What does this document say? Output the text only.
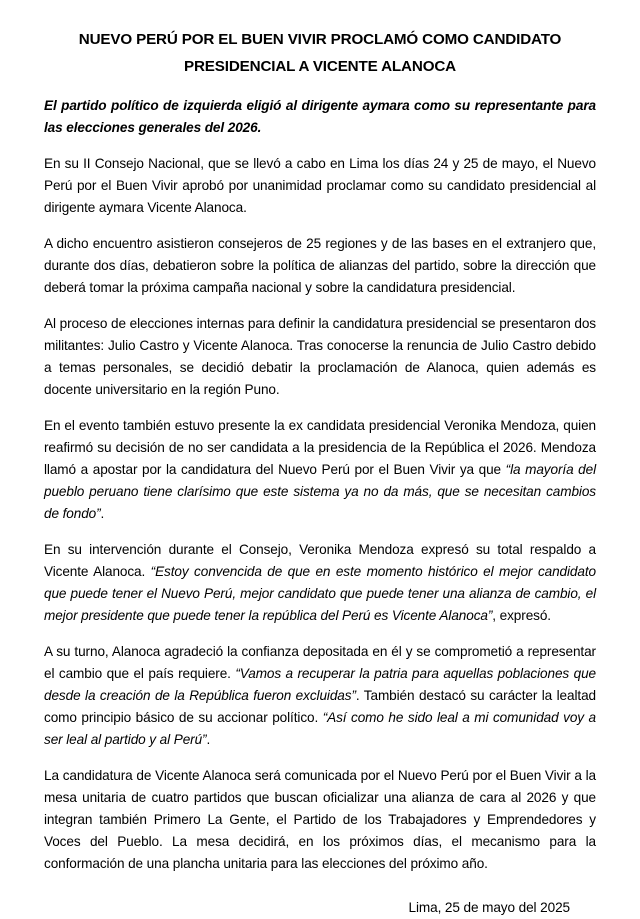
NUEVO PERÚ POR EL BUEN VIVIR PROCLAMÓ COMO CANDIDATO PRESIDENCIAL A VICENTE ALANOCA

El partido político de izquierda eligió al dirigente aymara como su representante para las elecciones generales del 2026.

En su II Consejo Nacional, que se llevó a cabo en Lima los días 24 y 25 de mayo, el Nuevo Perú por el Buen Vivir aprobó por unanimidad proclamar como su candidato presidencial al dirigente aymara Vicente Alanoca.

A dicho encuentro asistieron consejeros de 25 regiones y de las bases en el extranjero que, durante dos días, debatieron sobre la política de alianzas del partido, sobre la dirección que deberá tomar la próxima campaña nacional y sobre la candidatura presidencial.

Al proceso de elecciones internas para definir la candidatura presidencial se presentaron dos militantes: Julio Castro y Vicente Alanoca. Tras conocerse la renuncia de Julio Castro debido a temas personales, se decidió debatir la proclamación de Alanoca, quien además es docente universitario en la región Puno.

En el evento también estuvo presente la ex candidata presidencial Veronika Mendoza, quien reafirmó su decisión de no ser candidata a la presidencia de la República el 2026. Mendoza llamó a apostar por la candidatura del Nuevo Perú por el Buen Vivir ya que “la mayoría del pueblo peruano tiene clarísimo que este sistema ya no da más, que se necesitan cambios de fondo”.

En su intervención durante el Consejo, Veronika Mendoza expresó su total respaldo a Vicente Alanoca. “Estoy convencida de que en este momento histórico el mejor candidato que puede tener el Nuevo Perú, mejor candidato que puede tener una alianza de cambio, el mejor presidente que puede tener la república del Perú es Vicente Alanoca”, expresó.

A su turno, Alanoca agradeció la confianza depositada en él y se comprometió a representar el cambio que el país requiere. “Vamos a recuperar la patria para aquellas poblaciones que desde la creación de la República fueron excluidas”. También destacó su carácter la lealtad como principio básico de su accionar político. “Así como he sido leal a mi comunidad voy a ser leal al partido y al Perú”.

La candidatura de Vicente Alanoca será comunicada por el Nuevo Perú por el Buen Vivir a la mesa unitaria de cuatro partidos que buscan oficializar una alianza de cara al 2026 y que integran también Primero La Gente, el Partido de los Trabajadores y Emprendedores y Voces del Pueblo. La mesa decidirá, en los próximos días, el mecanismo para la conformación de una plancha unitaria para las elecciones del próximo año.

Lima, 25 de mayo del 2025
